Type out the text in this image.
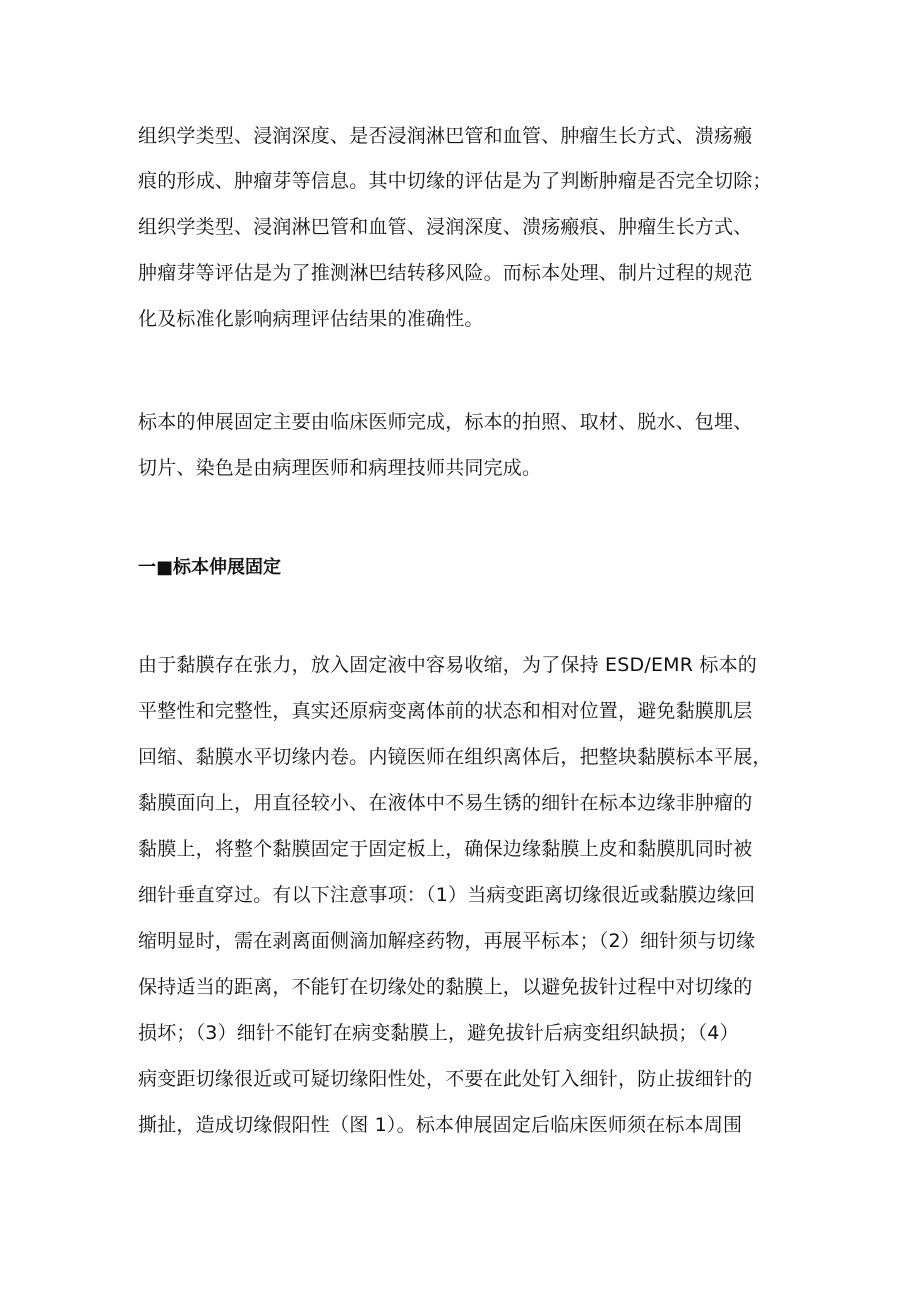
组织学类型、浸润深度、是否浸润淋巴管和血管、肿瘤生长方式、溃疡瘢
痕的形成、肿瘤芽等信息。其中切缘的评估是为了判断肿瘤是否完全切除；
组织学类型、浸润淋巴管和血管、浸润深度、溃疡瘢痕、肿瘤生长方式、
肿瘤芽等评估是为了推测淋巴结转移风险。而标本处理、制片过程的规范
化及标准化影响病理评估结果的准确性。
标本的伸展固定主要由临床医师完成，标本的拍照、取材、脱水、包埋、
切片、染色是由病理医师和病理技师共同完成。
一■标本伸展固定
由于黏膜存在张力，放入固定液中容易收缩，为了保持 ESD/EMR 标本的
平整性和完整性，真实还原病变离体前的状态和相对位置，避免黏膜肌层
回缩、黏膜水平切缘内卷。内镜医师在组织离体后，把整块黏膜标本平展，
黏膜面向上，用直径较小、在液体中不易生锈的细针在标本边缘非肿瘤的
黏膜上，将整个黏膜固定于固定板上，确保边缘黏膜上皮和黏膜肌同时被
细针垂直穿过。有以下注意事项：（1）当病变距离切缘很近或黏膜边缘回
缩明显时，需在剥离面侧滴加解痉药物，再展平标本；（2）细针须与切缘
保持适当的距离，不能钉在切缘处的黏膜上，以避免拔针过程中对切缘的
损坏；（3）细针不能钉在病变黏膜上，避免拔针后病变组织缺损；（4）
病变距切缘很近或可疑切缘阳性处，不要在此处钉入细针，防止拔细针的
撕扯，造成切缘假阳性（图 1）。标本伸展固定后临床医师须在标本周围
